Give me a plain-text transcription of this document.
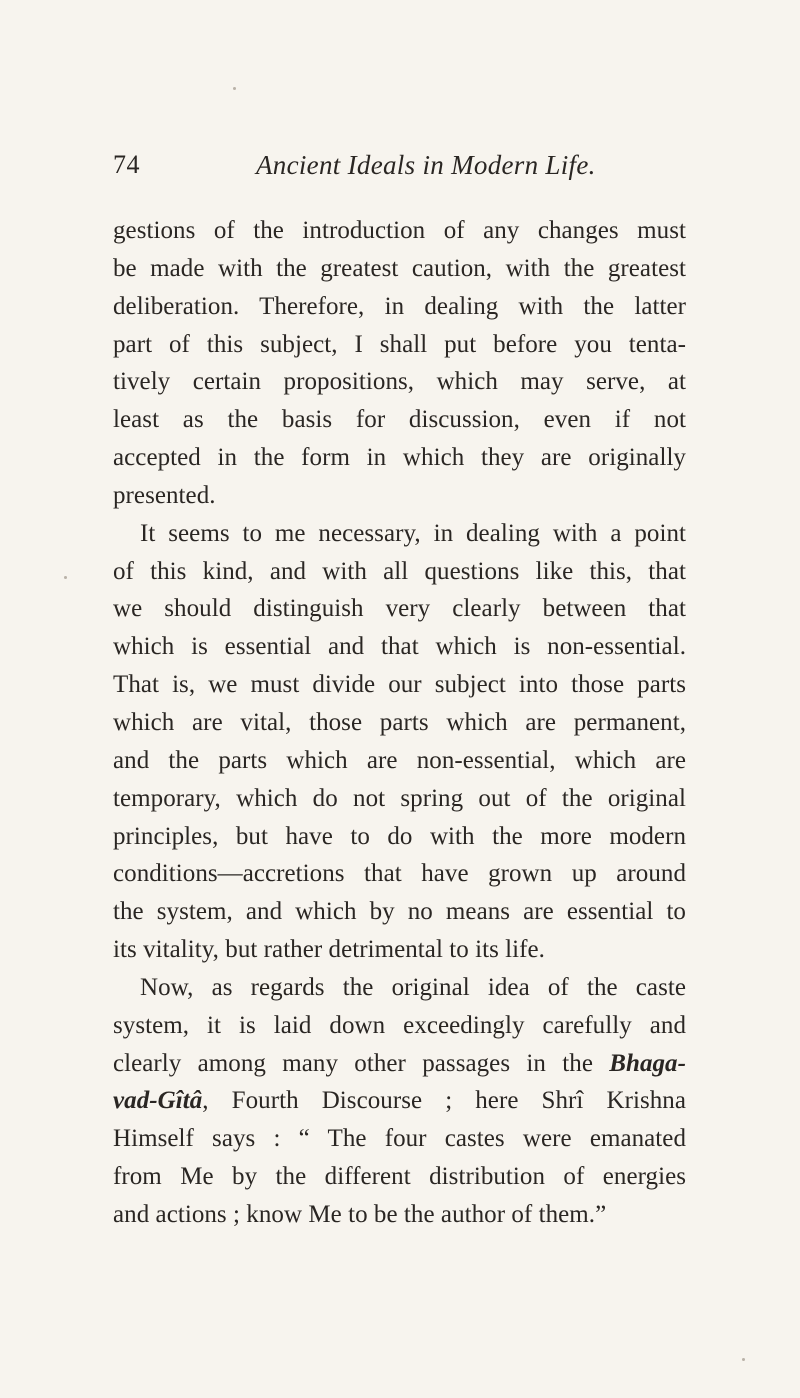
74	Ancient Ideals in Modern Life.
gestions of the introduction of any changes must
be made with the greatest caution, with the greatest
deliberation. Therefore, in dealing with the latter
part of this subject, I shall put before you tenta-
tively certain propositions, which may serve, at
least as the basis for discussion, even if not
accepted in the form in which they are originally
presented.
It seems to me necessary, in dealing with a point
of this kind, and with all questions like this, that
we should distinguish very clearly between that
which is essential and that which is non-essential.
That is, we must divide our subject into those parts
which are vital, those parts which are permanent,
and the parts which are non-essential, which are
temporary, which do not spring out of the original
principles, but have to do with the more modern
conditions—accretions that have grown up around
the system, and which by no means are essential to
its vitality, but rather detrimental to its life.
Now, as regards the original idea of the caste
system, it is laid down exceedingly carefully and
clearly among many other passages in the Bhaga-
vad-Gîtâ, Fourth Discourse ; here Shrî Krishna
Himself says : “ The four castes were emanated
from Me by the different distribution of energies
and actions ; know Me to be the author of them.”
